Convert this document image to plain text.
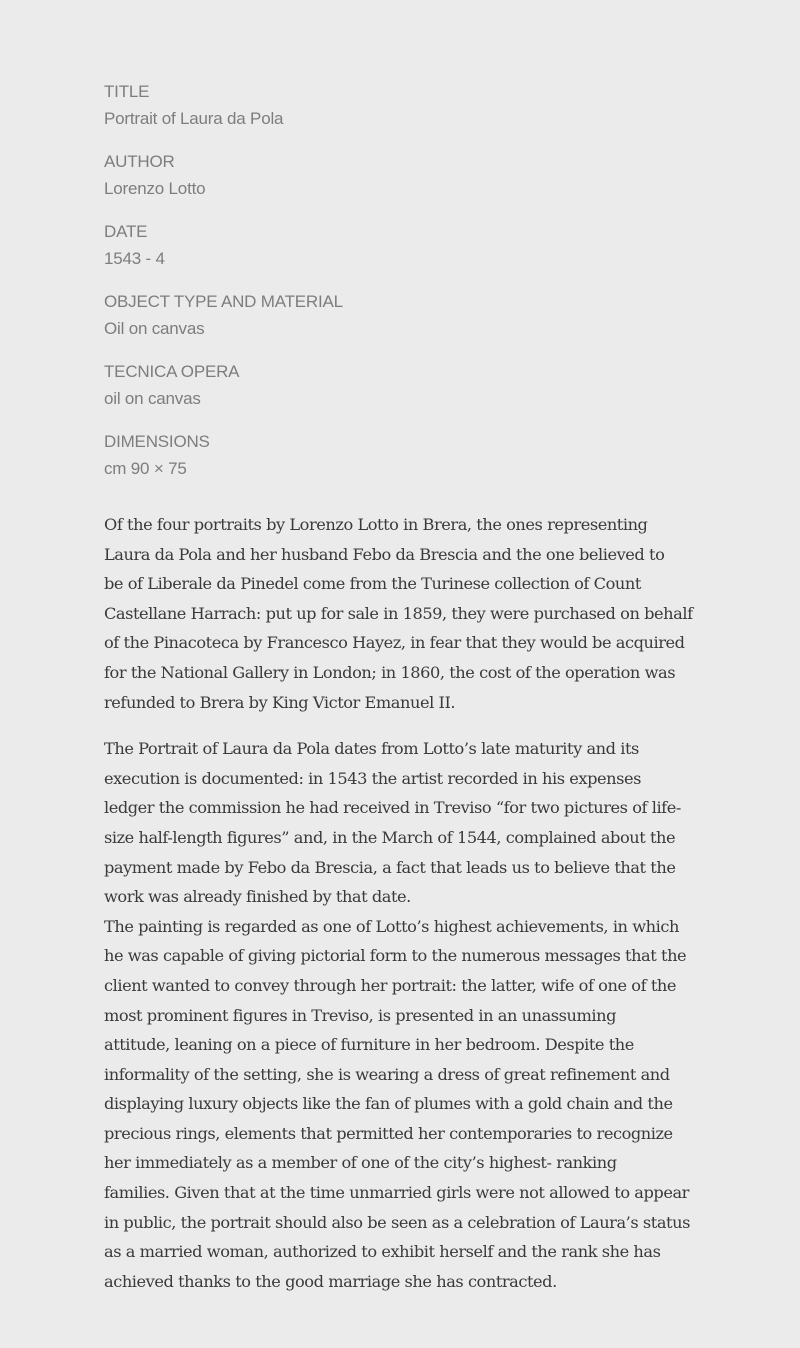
TITLE
Portrait of Laura da Pola
AUTHOR
Lorenzo Lotto
DATE
1543 - 4
OBJECT TYPE AND MATERIAL
Oil on canvas
TECNICA OPERA
oil on canvas
DIMENSIONS
cm 90 × 75
Of the four portraits by Lorenzo Lotto in Brera, the ones representing
Laura da Pola and her husband Febo da Brescia and the one believed to
be of Liberale da Pinedel come from the Turinese collection of Count
Castellane Harrach: put up for sale in 1859, they were purchased on behalf
of the Pinacoteca by Francesco Hayez, in fear that they would be acquired
for the National Gallery in London; in 1860, the cost of the operation was
refunded to Brera by King Victor Emanuel II.
The Portrait of Laura da Pola dates from Lotto’s late maturity and its
execution is documented: in 1543 the artist recorded in his expenses
ledger the commission he had received in Treviso “for two pictures of life-
size half-length figures” and, in the March of 1544, complained about the
payment made by Febo da Brescia, a fact that leads us to believe that the
work was already finished by that date.
The painting is regarded as one of Lotto’s highest achievements, in which
he was capable of giving pictorial form to the numerous messages that the
client wanted to convey through her portrait: the latter, wife of one of the
most prominent figures in Treviso, is presented in an unassuming
attitude, leaning on a piece of furniture in her bedroom. Despite the
informality of the setting, she is wearing a dress of great refinement and
displaying luxury objects like the fan of plumes with a gold chain and the
precious rings, elements that permitted her contemporaries to recognize
her immediately as a member of one of the city’s highest- ranking
families. Given that at the time unmarried girls were not allowed to appear
in public, the portrait should also be seen as a celebration of Laura’s status
as a married woman, authorized to exhibit herself and the rank she has
achieved thanks to the good marriage she has contracted.
